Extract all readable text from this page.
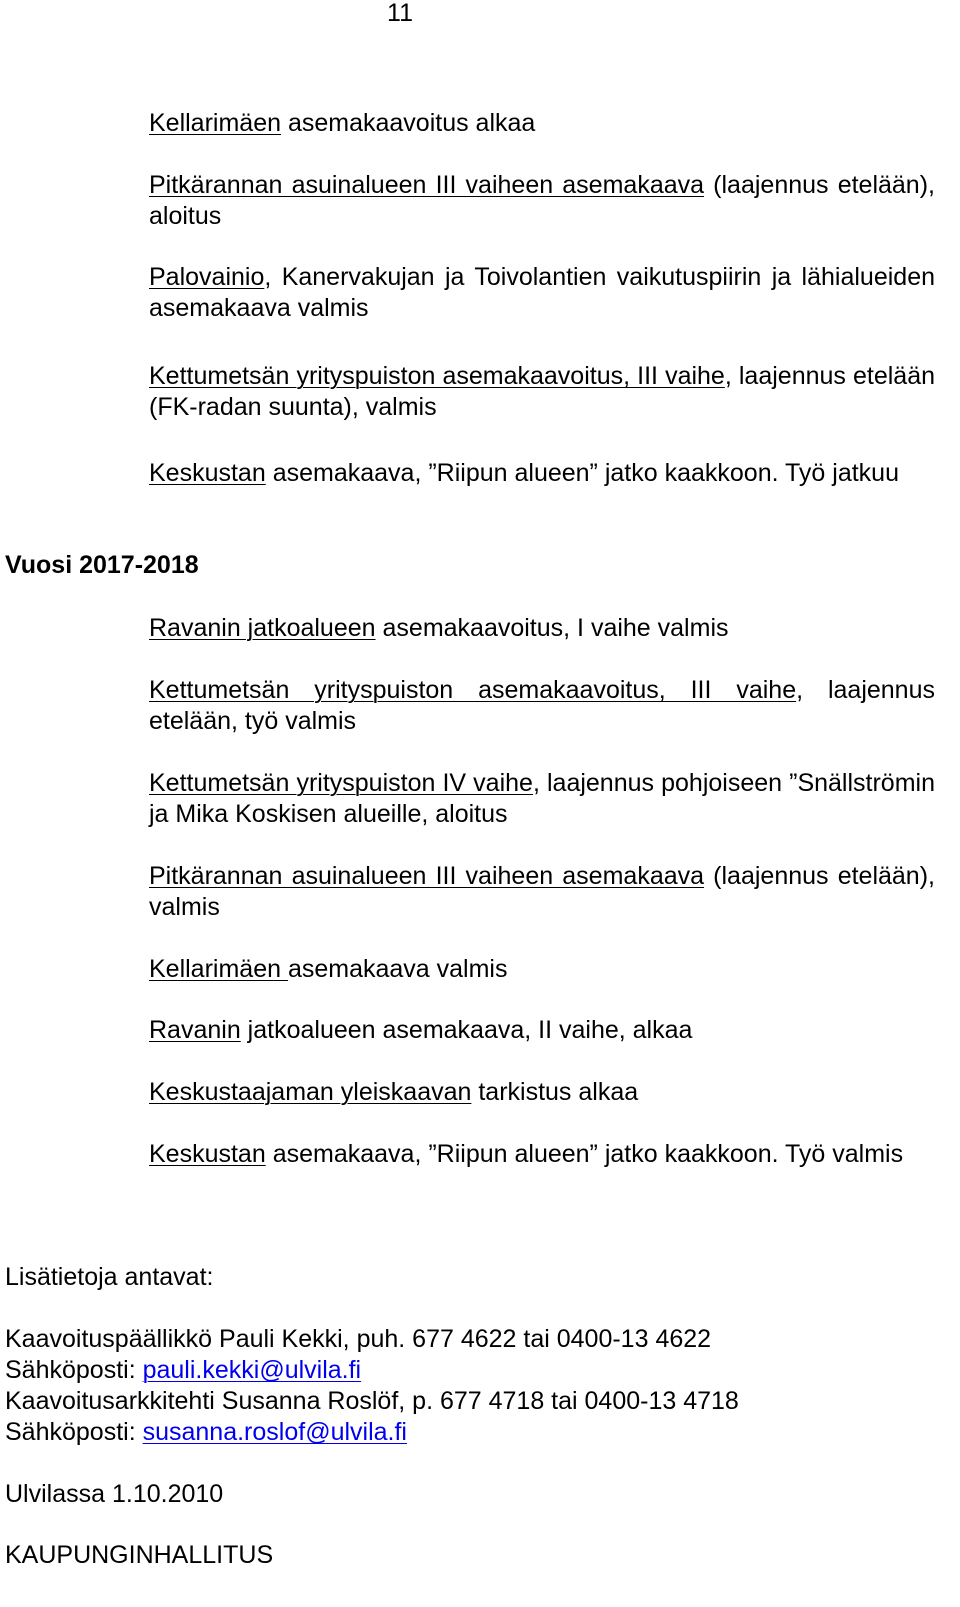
11
Kellarimäen asemakaavoitus alkaa
Pitkärannan asuinalueen III vaiheen asemakaava (laajennus etelään), aloitus
Palovainio, Kanervakujan ja Toivolantien vaikutuspiirin ja lähialueiden asemakaava valmis
Kettumetsän yrityspuiston asemakaavoitus, III vaihe, laajennus etelään (FK-radan suunta), valmis
Keskustan asemakaava, ”Riipun alueen” jatko kaakkoon. Työ jatkuu
Vuosi 2017-2018
Ravanin jatkoalueen asemakaavoitus, I vaihe valmis
Kettumetsän yrityspuiston asemakaavoitus, III vaihe, laajennus etelään, työ valmis
Kettumetsän yrityspuiston IV vaihe, laajennus pohjoiseen ”Snällströmin ja Mika Koskisen alueille, aloitus
Pitkärannan asuinalueen III vaiheen asemakaava (laajennus etelään), valmis
Kellarimäen asemakaava valmis
Ravanin jatkoalueen asemakaava, II vaihe, alkaa
Keskustaajaman yleiskaavan tarkistus alkaa
Keskustan asemakaava, ”Riipun alueen” jatko kaakkoon. Työ valmis
Lisätietoja antavat:
Kaavoituspäällikkö Pauli Kekki, puh. 677 4622 tai 0400-13 4622
Sähköposti: pauli.kekki@ulvila.fi
Kaavoitusarkkitehti Susanna Roslöf, p. 677 4718 tai 0400-13 4718
Sähköposti: susanna.roslof@ulvila.fi
Ulvilassa 1.10.2010
KAUPUNGINHALLITUS
